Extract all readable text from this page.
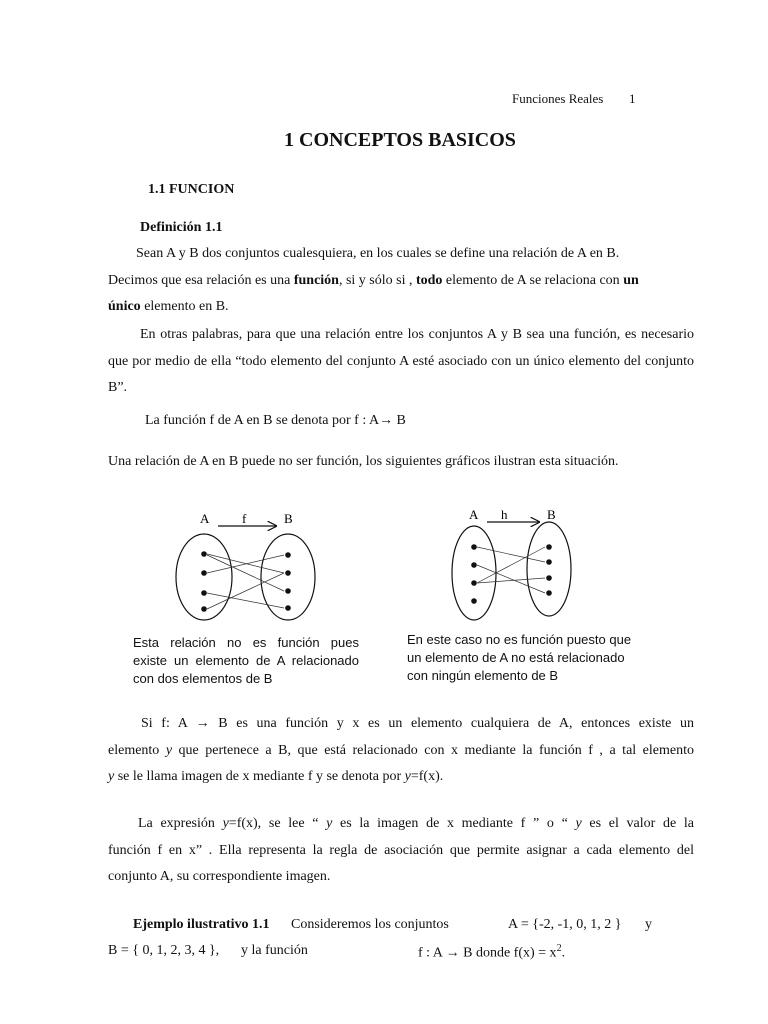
Funciones Reales 1
1 CONCEPTOS BASICOS
1.1 FUNCION
Definición 1.1
Sean A y B dos conjuntos cualesquiera, en los cuales se define una relación de A en B.
Decimos que esa relación es una función, si y sólo si , todo elemento de A se relaciona con un
único elemento en B.
En otras palabras, para que una relación entre los conjuntos A y B sea una función, es necesario que por medio de ella “todo elemento del conjunto A esté asociado con un único elemento del conjunto B”.
La función f de A en B se denota por f : A→ B
Una relación de A en B puede no ser función, los siguientes gráficos ilustran esta situación.
A	f	B
Esta relación no es función pues
existe un elemento de A relacionado
con dos elementos de B
A h	B
En este caso no es función puesto que
un elemento de A no está relacionado
con ningún elemento de B
Si f: A → B es una función y x es un elemento cualquiera de A, entonces existe un
elemento y que pertenece a B, que está relacionado con x mediante la función f , a tal elemento
y se le llama imagen de x mediante f y se denota por y=f(x).
La expresión y=f(x), se lee “ y es la imagen de x mediante f ” o “ y es el valor de la
función f en x” . Ella representa la regla de asociación que permite asignar a cada elemento del
conjunto A, su correspondiente imagen.
Ejemplo ilustrativo 1.1 Consideremos los conjuntos	A = {-2, -1, 0, 1, 2 } y
B = { 0, 1, 2, 3, 4 }, y la función	f : A → B donde $f(x) = x^2$.
